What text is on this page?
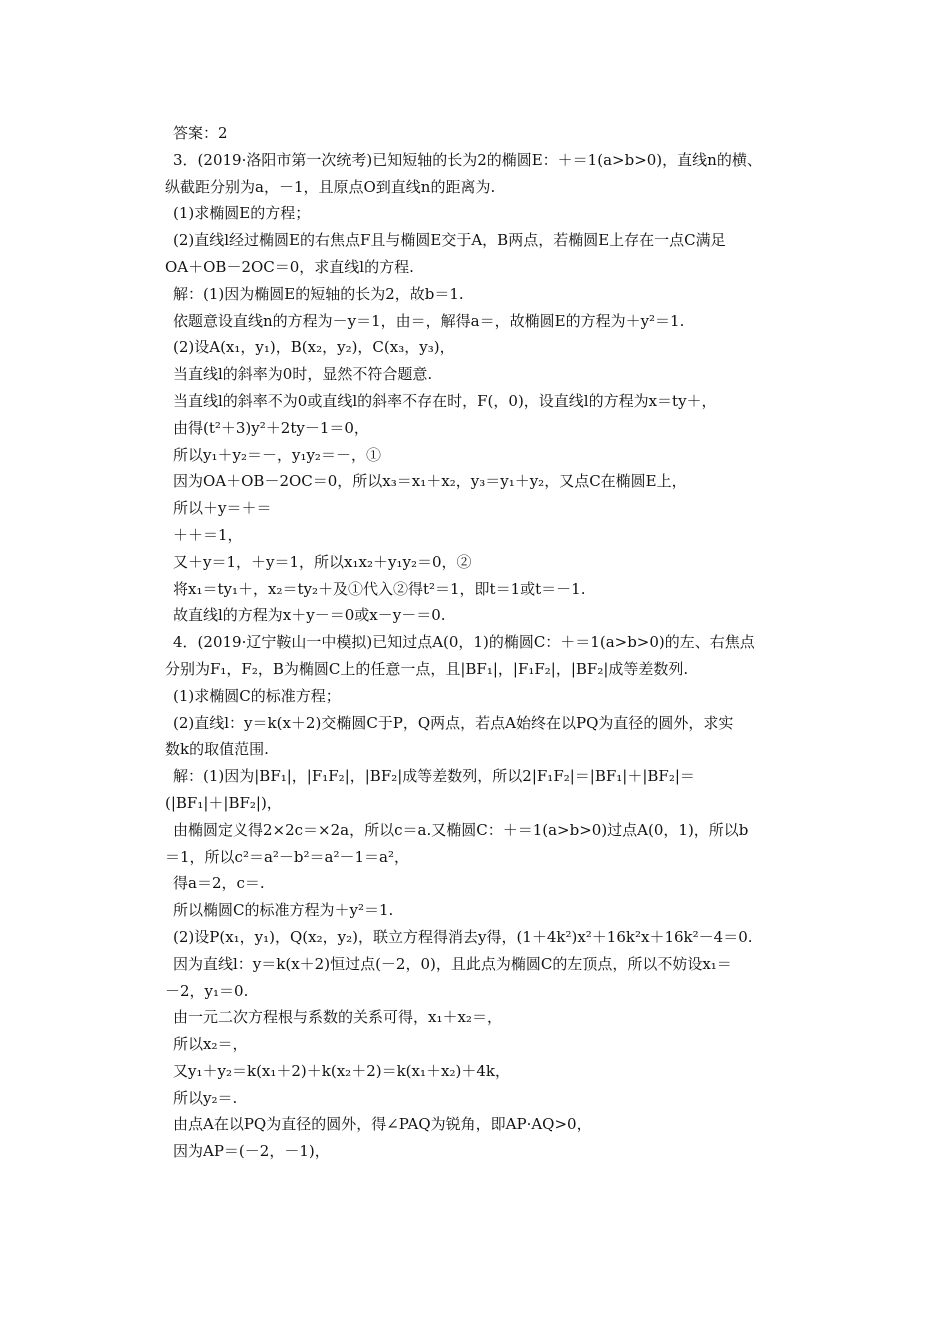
答案：2
3．(2019·洛阳市第一次统考)已知短轴的长为2的椭圆E：＋＝1(a>b>0)，直线n的横、
纵截距分别为a，－1，且原点O到直线n的距离为.
(1)求椭圆E的方程；
(2)直线l经过椭圆E的右焦点F且与椭圆E交于A，B两点，若椭圆E上存在一点C满足
OA＋OB－2OC＝0，求直线l的方程.
解：(1)因为椭圆E的短轴的长为2，故b＝1.
依题意设直线n的方程为－y＝1，由＝，解得a＝，故椭圆E的方程为＋y²＝1.
(2)设A(x₁，y₁)，B(x₂，y₂)，C(x₃，y₃)，
当直线l的斜率为0时，显然不符合题意.
当直线l的斜率不为0或直线l的斜率不存在时，F(，0)，设直线l的方程为x＝ty＋，
由得(t²＋3)y²＋2ty－1＝0，
所以y₁＋y₂＝－，y₁y₂＝－，①
因为OA＋OB－2OC＝0，所以x₃＝x₁＋x₂，y₃＝y₁＋y₂，又点C在椭圆E上，
所以＋y＝＋＝
＋＋＝1，
又＋y＝1，＋y＝1，所以x₁x₂＋y₁y₂＝0，②
将x₁＝ty₁＋，x₂＝ty₂＋及①代入②得t²＝1，即t＝1或t＝－1.
故直线l的方程为x＋y－＝0或x－y－＝0.
4．(2019·辽宁鞍山一中模拟)已知过点A(0，1)的椭圆C：＋＝1(a>b>0)的左、右焦点
分别为F₁，F₂，B为椭圆C上的任意一点，且|BF₁|，|F₁F₂|，|BF₂|成等差数列.
(1)求椭圆C的标准方程；
(2)直线l：y＝k(x＋2)交椭圆C于P，Q两点，若点A始终在以PQ为直径的圆外，求实
数k的取值范围.
解：(1)因为|BF₁|，|F₁F₂|，|BF₂|成等差数列，所以2|F₁F₂|＝|BF₁|＋|BF₂|＝
(|BF₁|＋|BF₂|)，
由椭圆定义得2×2c＝×2a，所以c＝a.又椭圆C：＋＝1(a>b>0)过点A(0，1)，所以b
＝1，所以c²＝a²－b²＝a²－1＝a²，
得a＝2，c＝.
所以椭圆C的标准方程为＋y²＝1.
(2)设P(x₁，y₁)，Q(x₂，y₂)，联立方程得消去y得，(1＋4k²)x²＋16k²x＋16k²－4＝0.
因为直线l：y＝k(x＋2)恒过点(－2，0)，且此点为椭圆C的左顶点，所以不妨设x₁＝
－2，y₁＝0.
由一元二次方程根与系数的关系可得，x₁＋x₂＝，
所以x₂＝，
又y₁＋y₂＝k(x₁＋2)＋k(x₂＋2)＝k(x₁＋x₂)＋4k，
所以y₂＝.
由点A在以PQ为直径的圆外，得∠PAQ为锐角，即AP·AQ>0，
因为AP＝(－2，－1)，
